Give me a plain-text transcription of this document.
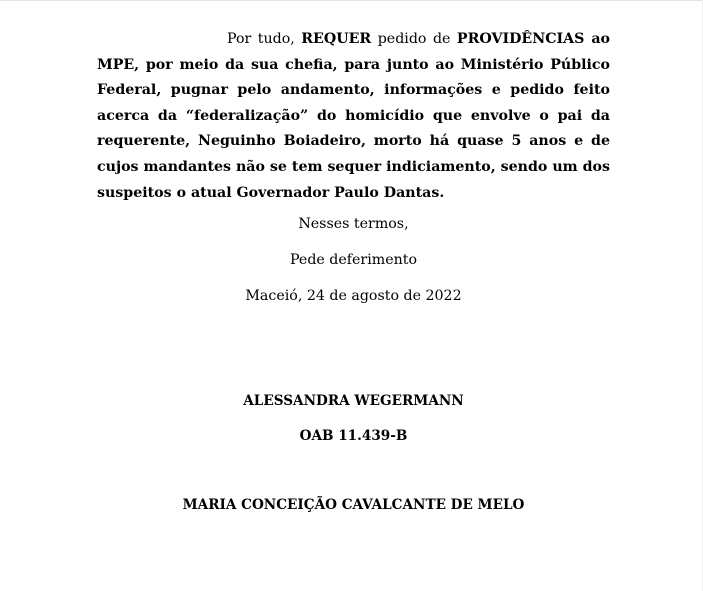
Por tudo, REQUER pedido de PROVIDÊNCIAS ao MPE, por meio da sua chefia, para junto ao Ministério Público Federal, pugnar pelo andamento, informações e pedido feito acerca da “federalização” do homicídio que envolve o pai da requerente, Neguinho Boiadeiro, morto há quase 5 anos e de cujos mandantes não se tem sequer indiciamento, sendo um dos suspeitos o atual Governador Paulo Dantas.

Nesses termos,

Pede deferimento

Maceió, 24 de agosto de 2022

ALESSANDRA WEGERMANN

OAB 11.439-B

MARIA CONCEIÇÃO CAVALCANTE DE MELO
